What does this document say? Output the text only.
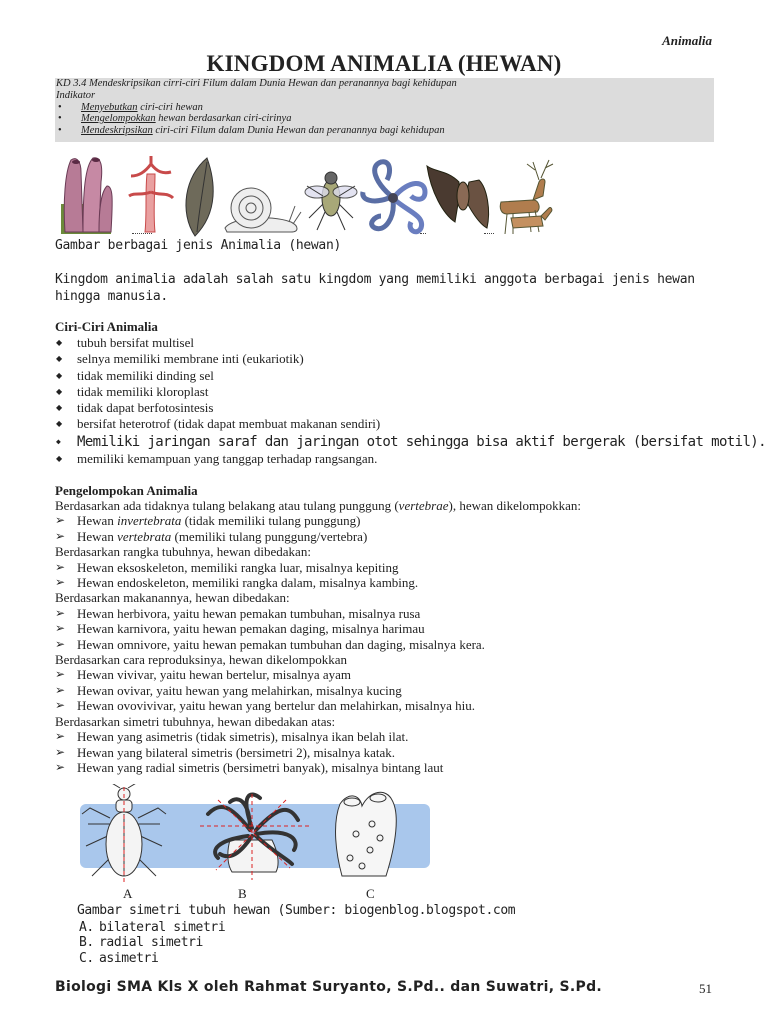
Animalia
KINGDOM ANIMALIA (HEWAN)
KD 3.4 Mendeskripsikan cirri-ciri Filum dalam Dunia Hewan dan peranannya bagi kehidupan
Indikator
• Menyebutkan ciri-ciri hewan
• Mengelompokkan hewan berdasarkan ciri-cirinya
• Mendeskripsikan ciri-ciri Filum dalam Dunia Hewan dan peranannya bagi kehidupan
Gambar berbagai jenis Animalia (hewan)
Kingdom animalia adalah salah satu kingdom yang memiliki anggota berbagai jenis hewan hingga manusia.
Ciri-Ciri Animalia
◆ tubuh bersifat multisel
◆ selnya memiliki membrane inti (eukariotik)
◆ tidak memiliki dinding sel
◆ tidak memiliki kloroplast
◆ tidak dapat berfotosintesis
◆ bersifat heterotrof (tidak dapat membuat makanan sendiri)
◆ Memiliki jaringan saraf dan jaringan otot sehingga bisa aktif bergerak (bersifat motil).
◆ memiliki kemampuan yang tanggap terhadap rangsangan.
Pengelompokan Animalia
Berdasarkan ada tidaknya tulang belakang atau tulang punggung (vertebrae), hewan dikelompokkan:
➢ Hewan invertebrata (tidak memiliki tulang punggung)
➢ Hewan vertebrata (memiliki tulang punggung/vertebra)
Berdasarkan rangka tubuhnya, hewan dibedakan:
➢ Hewan eksoskeleton, memiliki rangka luar, misalnya kepiting
➢ Hewan endoskeleton, memiliki rangka dalam, misalnya kambing.
Berdasarkan makanannya, hewan dibedakan:
➢ Hewan herbivora, yaitu hewan pemakan tumbuhan, misalnya rusa
➢ Hewan karnivora, yaitu hewan pemakan daging, misalnya harimau
➢ Hewan omnivore, yaitu hewan pemakan tumbuhan dan daging, misalnya kera.
Berdasarkan cara reproduksinya, hewan dikelompokkan
➢ Hewan vivivar, yaitu hewan bertelur, misalnya ayam
➢ Hewan ovivar, yaitu hewan yang melahirkan, misalnya kucing
➢ Hewan ovovivivar, yaitu hewan yang bertelur dan melahirkan, misalnya hiu.
Berdasarkan simetri tubuhnya, hewan dibedakan atas:
➢ Hewan yang asimetris (tidak simetris), misalnya ikan belah ilat.
➢ Hewan yang bilateral simetris (bersimetri 2), misalnya katak.
➢ Hewan yang radial simetris (bersimetri banyak), misalnya bintang laut
A	B	C
Gambar simetri tubuh hewan (Sumber: biogenblog.blogspot.com
A. bilateral simetri
B. radial simetri
C. asimetri
Biologi SMA Kls X oleh Rahmat Suryanto, S.Pd.. dan Suwatri, S.Pd.	51
